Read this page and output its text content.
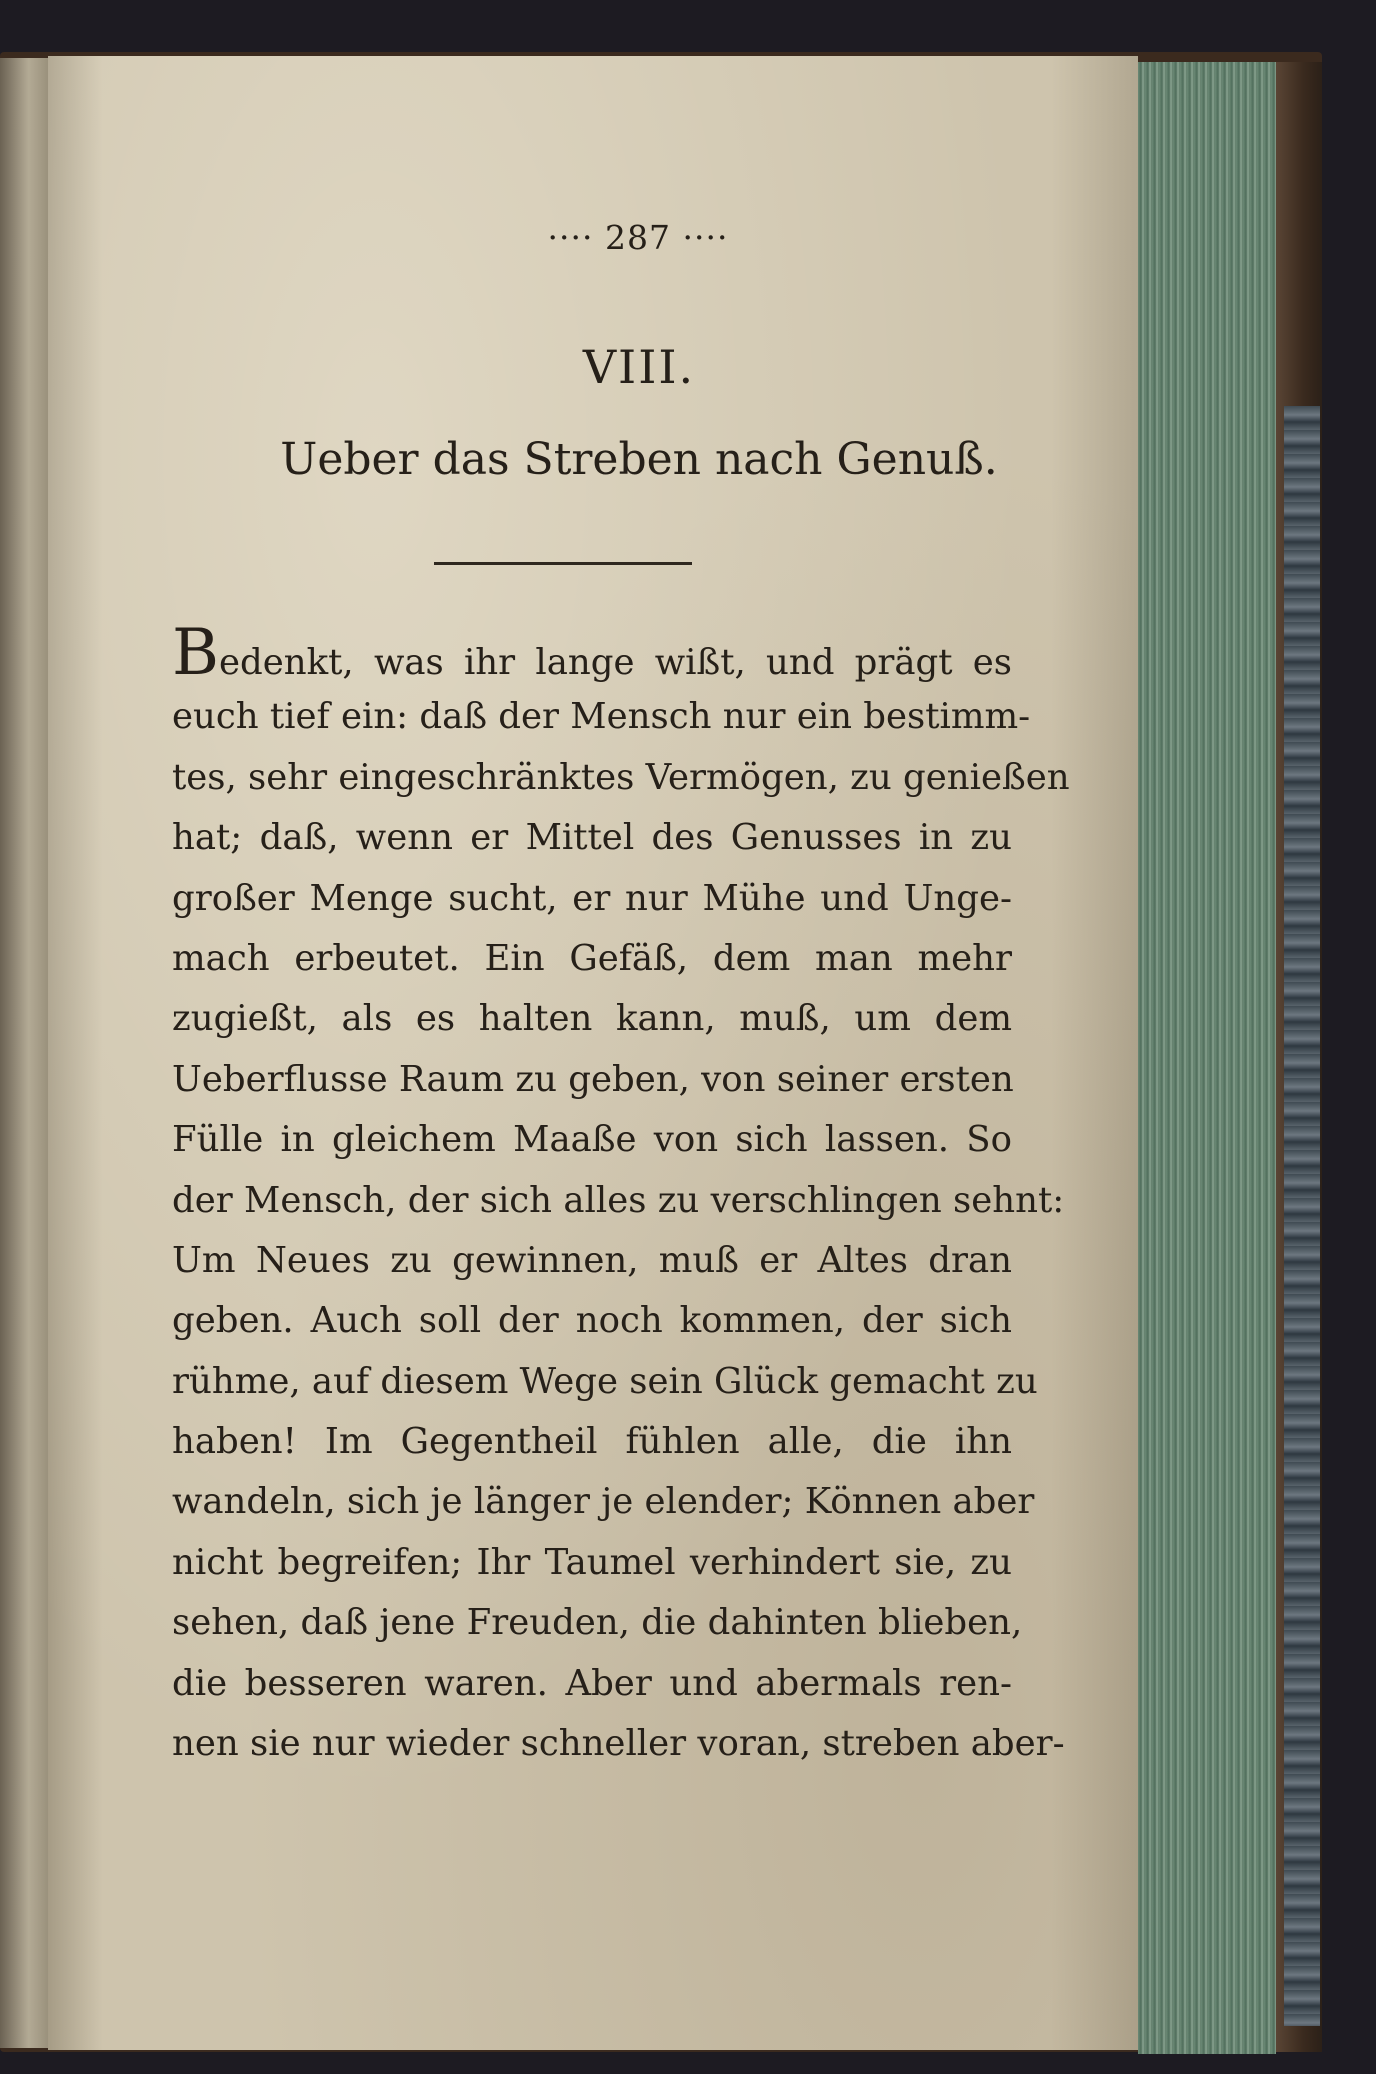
···· 287 ····
VIII.
Ueber das Streben nach Genuß.
Bedenkt, was ihr lange wißt, und prägt es
euch tief ein: daß der Mensch nur ein bestimm-
tes, sehr eingeschränktes Vermögen, zu genießen
hat; daß, wenn er Mittel des Genusses in zu
großer Menge sucht, er nur Mühe und Unge-
mach erbeutet. Ein Gefäß, dem man mehr
zugießt, als es halten kann, muß, um dem
Ueberflusse Raum zu geben, von seiner ersten
Fülle in gleichem Maaße von sich lassen. So
der Mensch, der sich alles zu verschlingen sehnt:
Um Neues zu gewinnen, muß er Altes dran
geben. Auch soll der noch kommen, der sich
rühme, auf diesem Wege sein Glück gemacht zu
haben! Im Gegentheil fühlen alle, die ihn
wandeln, sich je länger je elender; Können aber
nicht begreifen; Ihr Taumel verhindert sie, zu
sehen, daß jene Freuden, die dahinten blieben,
die besseren waren. Aber und abermals ren-
nen sie nur wieder schneller voran, streben aber-
